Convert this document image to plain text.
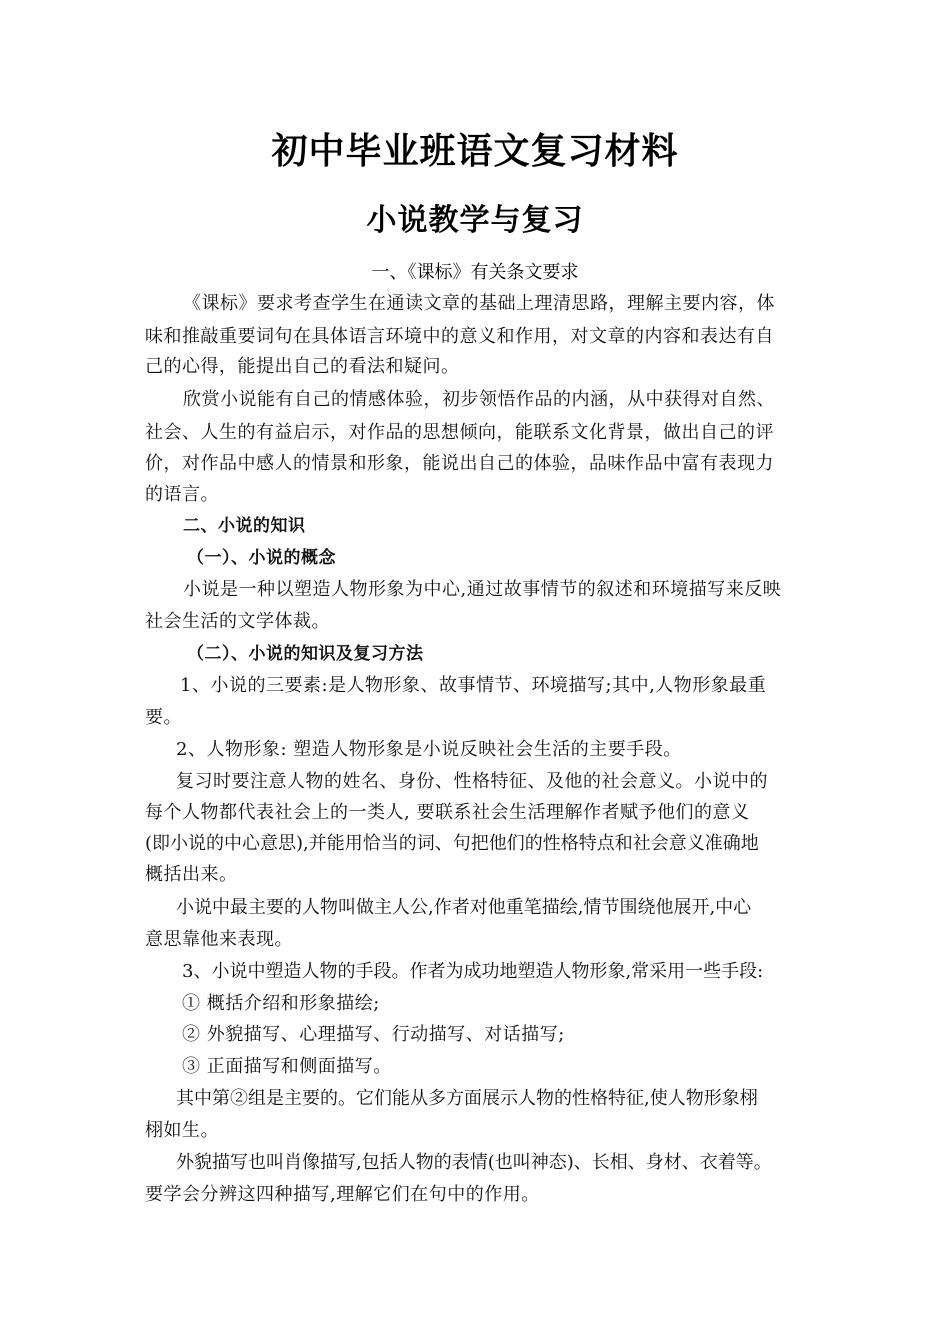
初中毕业班语文复习材料
小说教学与复习
一、《课标》有关条文要求
《课标》要求考查学生在通读文章的基础上理清思路，理解主要内容，体
味和推敲重要词句在具体语言环境中的意义和作用，对文章的内容和表达有自
己的心得，能提出自己的看法和疑问。
欣赏小说能有自己的情感体验，初步领悟作品的内涵，从中获得对自然、
社会、人生的有益启示，对作品的思想倾向，能联系文化背景，做出自己的评
价，对作品中感人的情景和形象，能说出自己的体验，品味作品中富有表现力
的语言。
二、小说的知识
（一）、小说的概念
小说是一种以塑造人物形象为中心,通过故事情节的叙述和环境描写来反映
社会生活的文学体裁。
（二）、小说的知识及复习方法
1、小说的三要素:是人物形象、故事情节、环境描写;其中,人物形象最重
要。
2、人物形象: 塑造人物形象是小说反映社会生活的主要手段。
复习时要注意人物的姓名、身份、性格特征、及他的社会意义。小说中的
每个人物都代表社会上的一类人, 要联系社会生活理解作者赋予他们的意义
(即小说的中心意思),并能用恰当的词、句把他们的性格特点和社会意义准确地
概括出来。
小说中最主要的人物叫做主人公,作者对他重笔描绘,情节围绕他展开,中心
意思靠他来表现。
3、小说中塑造人物的手段。作者为成功地塑造人物形象,常采用一些手段:
① 概括介绍和形象描绘;
② 外貌描写、心理描写、行动描写、对话描写;
③ 正面描写和侧面描写。
其中第②组是主要的。它们能从多方面展示人物的性格特征,使人物形象栩
栩如生。
外貌描写也叫肖像描写,包括人物的表情(也叫神态)、长相、身材、衣着等。
要学会分辨这四种描写,理解它们在句中的作用。
